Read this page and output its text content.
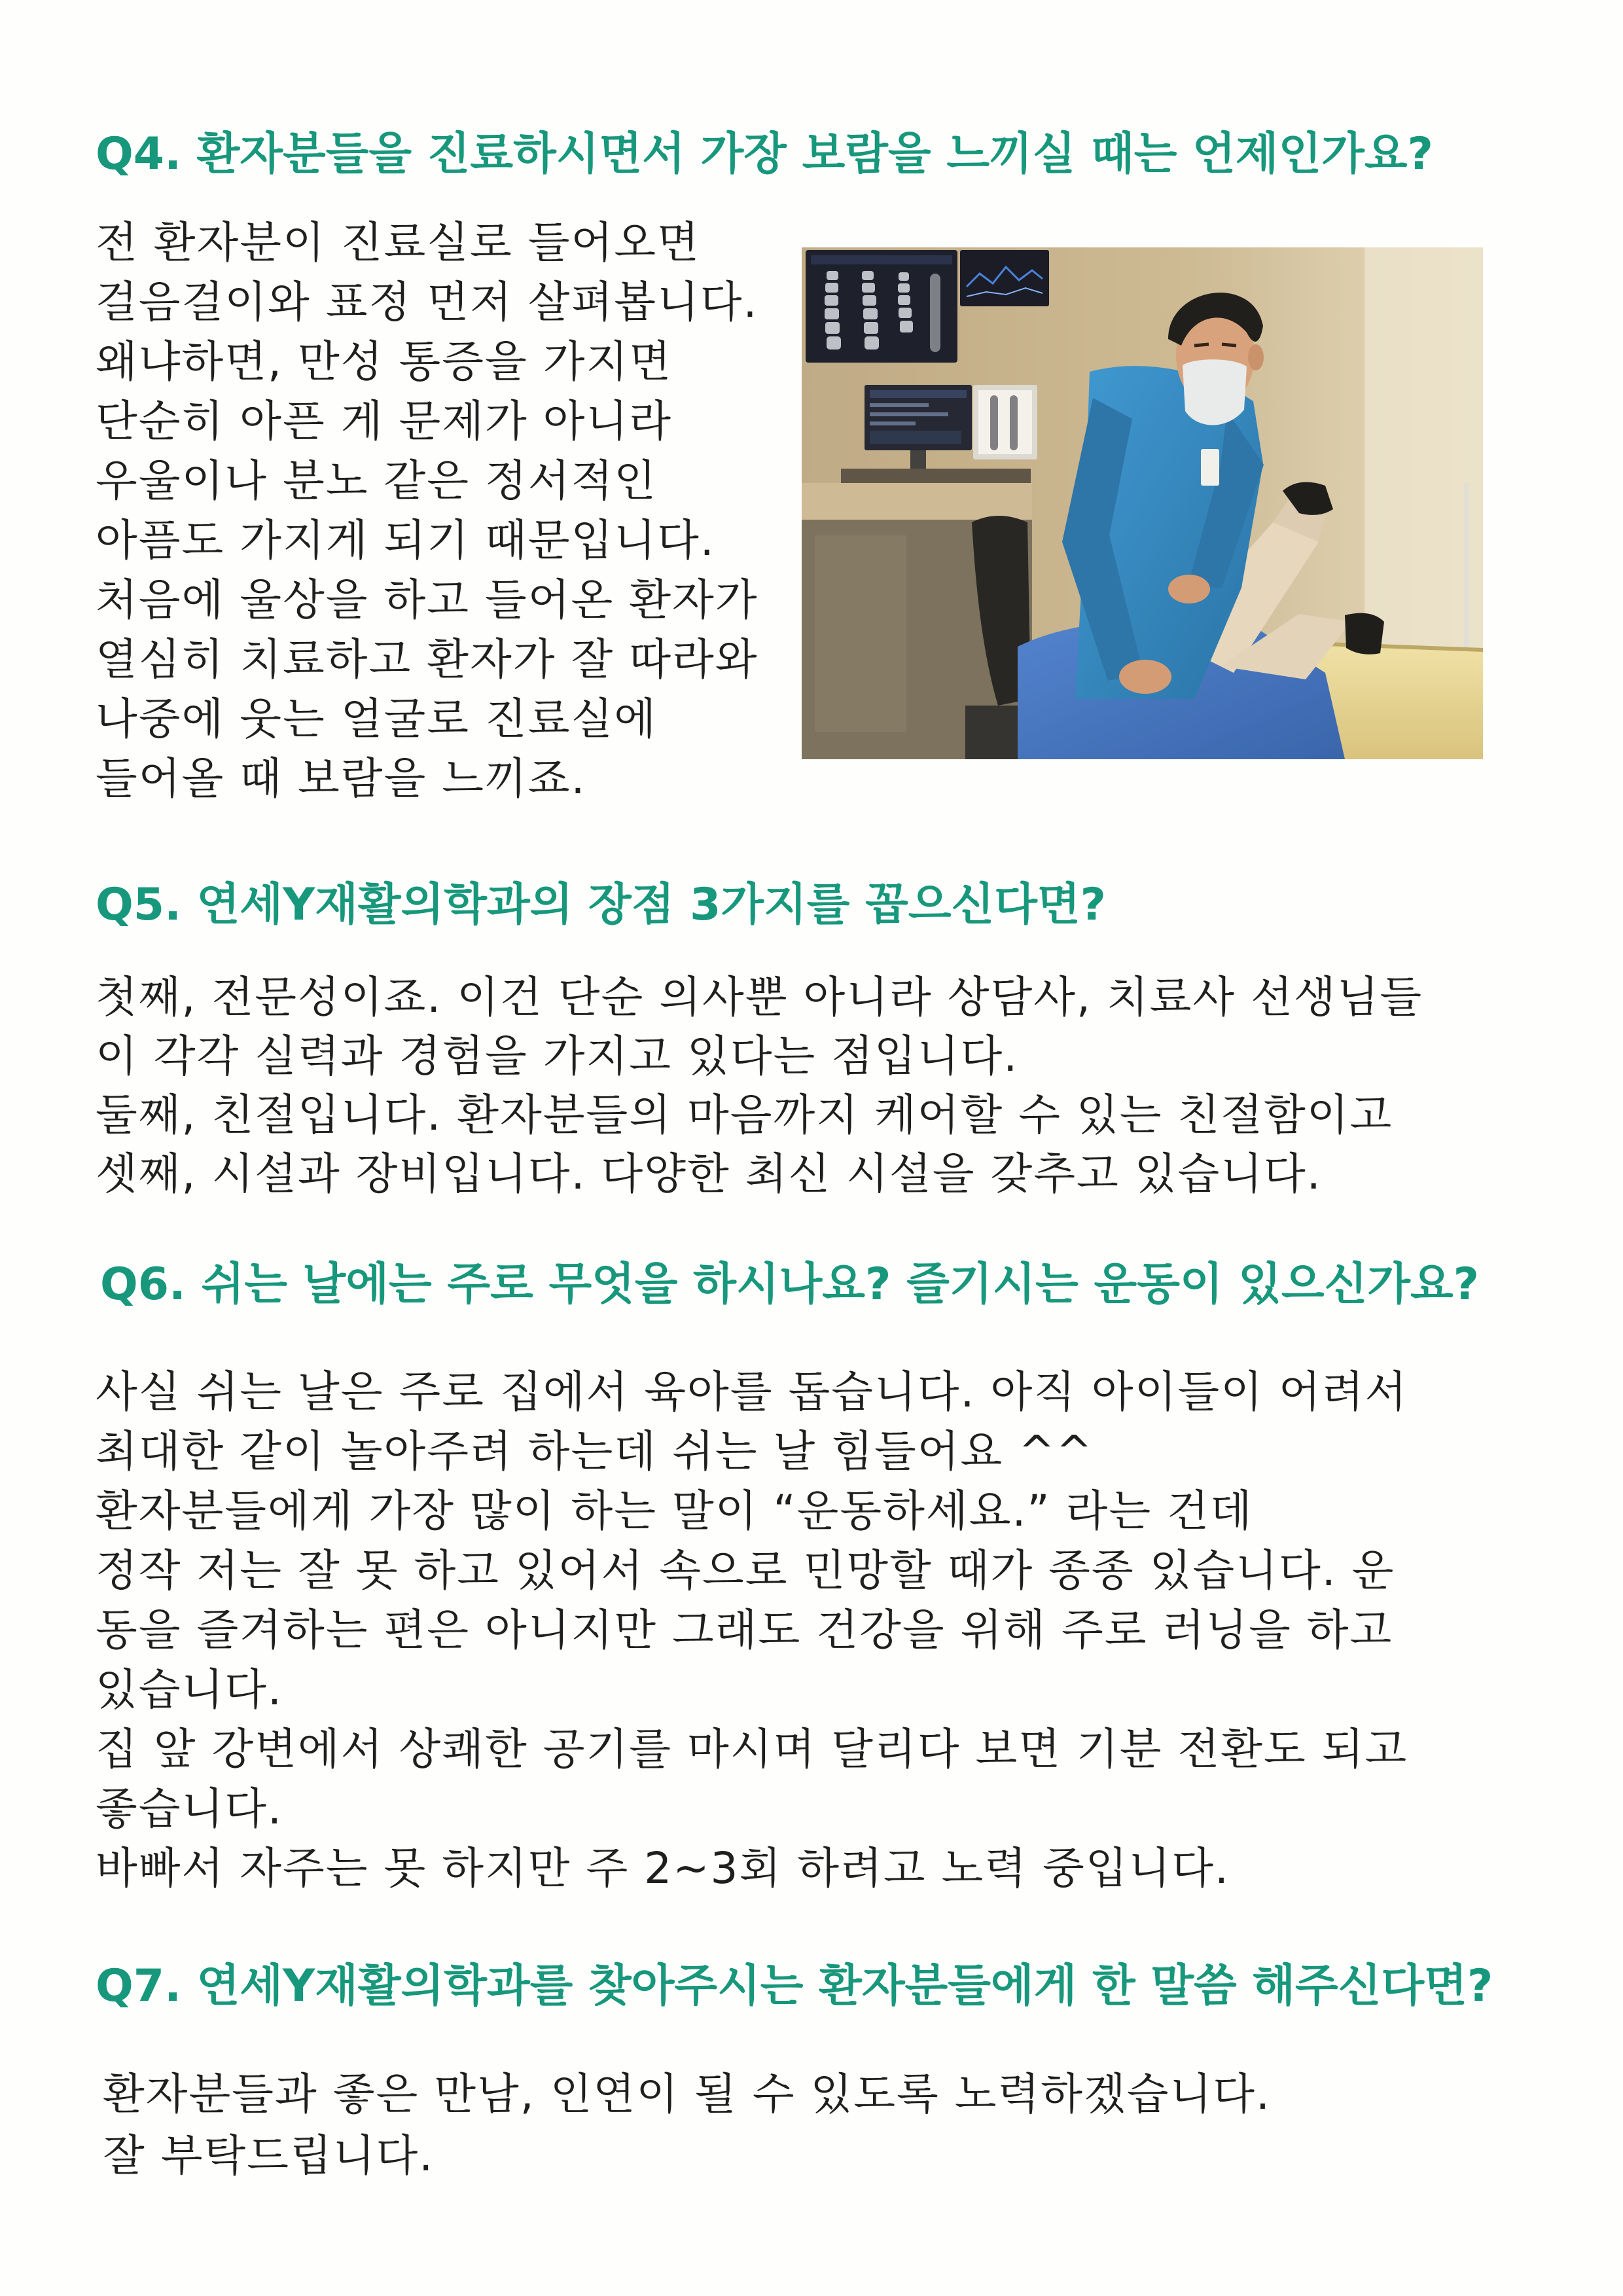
Q4. 환자분들을 진료하시면서 가장 보람을 느끼실 때는 언제인가요?
전 환자분이 진료실로 들어오면
걸음걸이와 표정 먼저 살펴봅니다.
왜냐하면, 만성 통증을 가지면
단순히 아픈 게 문제가 아니라
우울이나 분노 같은 정서적인
아픔도 가지게 되기 때문입니다.
처음에 울상을 하고 들어온 환자가
열심히 치료하고 환자가 잘 따라와
나중에 웃는 얼굴로 진료실에
들어올 때 보람을 느끼죠.
Q5. 연세Y재활의학과의 장점 3가지를 꼽으신다면?
첫째, 전문성이죠. 이건 단순 의사뿐 아니라 상담사, 치료사 선생님들
이 각각 실력과 경험을 가지고 있다는 점입니다.
둘째, 친절입니다. 환자분들의 마음까지 케어할 수 있는 친절함이고
셋째, 시설과 장비입니다. 다양한 최신 시설을 갖추고 있습니다.
Q6. 쉬는 날에는 주로 무엇을 하시나요? 즐기시는 운동이 있으신가요?
사실 쉬는 날은 주로 집에서 육아를 돕습니다. 아직 아이들이 어려서
최대한 같이 놀아주려 하는데 쉬는 날 힘들어요 ^^
환자분들에게 가장 많이 하는 말이 “운동하세요.” 라는 건데
정작 저는 잘 못 하고 있어서 속으로 민망할 때가 종종 있습니다. 운
동을 즐겨하는 편은 아니지만 그래도 건강을 위해 주로 러닝을 하고
있습니다.
집 앞 강변에서 상쾌한 공기를 마시며 달리다 보면 기분 전환도 되고
좋습니다.
바빠서 자주는 못 하지만 주 2~3회 하려고 노력 중입니다.
Q7. 연세Y재활의학과를 찾아주시는 환자분들에게 한 말씀 해주신다면?
환자분들과 좋은 만남, 인연이 될 수 있도록 노력하겠습니다.
잘 부탁드립니다.
